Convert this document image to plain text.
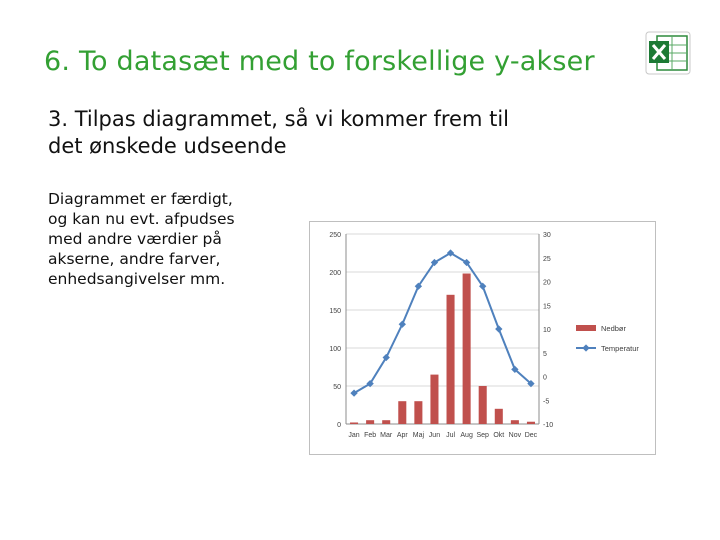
6. To datasæt med to forskellige y-akser
3. Tilpas diagrammet, så vi kommer frem til
det ønskede udseende
Diagrammet er færdigt,
og kan nu evt. afpudses
med andre værdier på
akserne, andre farver,
enhedsangivelser mm.
0
50
100
150
200
250
-10
-5
0
5
10
15
20
25
30
Jan Feb Mar Apr Maj Jun Jul Aug Sep Okt Nov Dec
Nedbør
Temperatur
